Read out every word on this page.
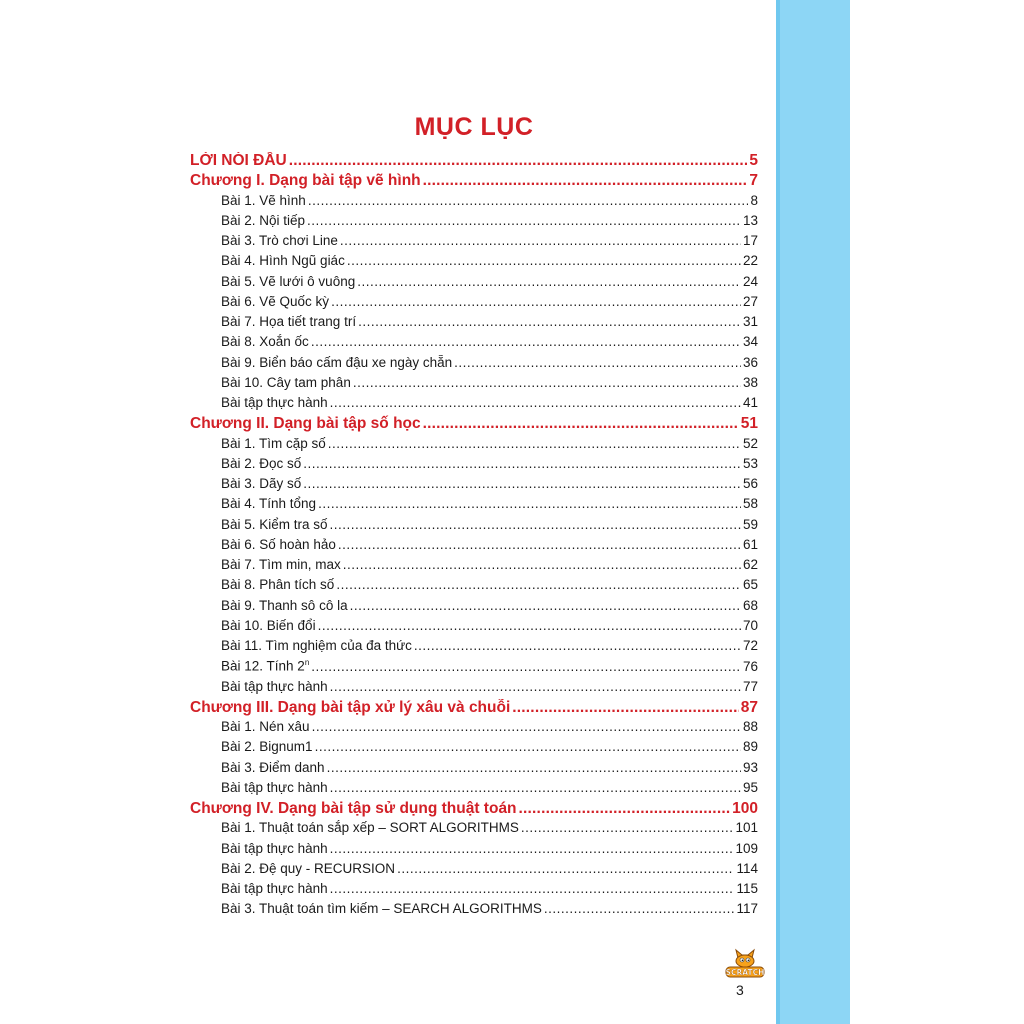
MỤC LỤC
LỜI NÓI ĐẦU .....	5
Chương I. Dạng bài tập vẽ hình .....	7
Bài 1. Vẽ hình .....	8
Bài 2. Nội tiếp .....	13
Bài 3. Trò chơi Line .....	17
Bài 4. Hình Ngũ giác .....	22
Bài 5. Vẽ lưới ô vuông .....	24
Bài 6. Vẽ Quốc kỳ .....	27
Bài 7. Họa tiết trang trí .....	31
Bài 8. Xoắn ốc .....	34
Bài 9. Biển báo cấm đậu xe ngày chẵn .....	36
Bài 10. Cây tam phân .....	38
Bài tập thực hành .....	41
Chương II. Dạng bài tập số học .....	51
Bài 1. Tìm cặp số .....	52
Bài 2. Đọc số .....	53
Bài 3. Dãy số .....	56
Bài 4. Tính tổng .....	58
Bài 5. Kiểm tra số .....	59
Bài 6. Số hoàn hảo .....	61
Bài 7. Tìm min, max .....	62
Bài 8. Phân tích số .....	65
Bài 9. Thanh sô cô la .....	68
Bài 10. Biến đổi .....	70
Bài 11. Tìm nghiệm của đa thức .....	72
Bài 12. Tính 2$^n$ .....	76
Bài tập thực hành .....	77
Chương III. Dạng bài tập xử lý xâu và chuỗi .....	87
Bài 1. Nén xâu .....	88
Bài 2. Bignum1 .....	89
Bài 3. Điểm danh .....	93
Bài tập thực hành .....	95
Chương IV. Dạng bài tập sử dụng thuật toán .....	100
Bài 1. Thuật toán sắp xếp – SORT ALGORITHMS .....	101
Bài tập thực hành .....	109
Bài 2. Đệ quy - RECURSION .....	114
Bài tập thực hành .....	115
Bài 3. Thuật toán tìm kiếm – SEARCH ALGORITHMS .....	117
SCRATCH
3
